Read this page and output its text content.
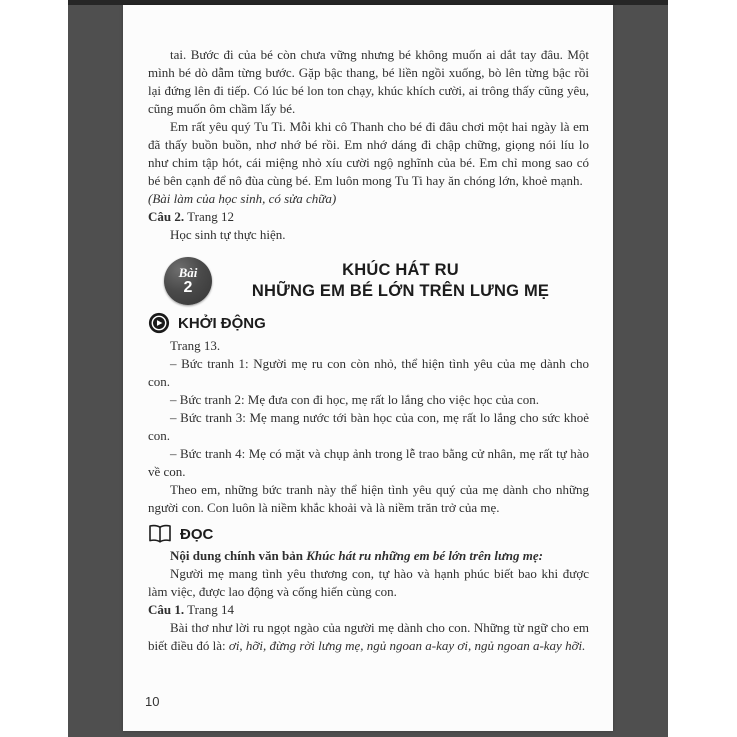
tai. Bước đi của bé còn chưa vững nhưng bé không muốn ai dắt tay đâu. Một mình bé dò dẫm từng bước. Gặp bậc thang, bé liền ngồi xuống, bò lên từng bậc rồi lại đứng lên đi tiếp. Có lúc bé lon ton chạy, khúc khích cười, ai trông thấy cũng yêu, cũng muốn ôm chầm lấy bé.

Em rất yêu quý Tu Ti. Mỗi khi cô Thanh cho bé đi đâu chơi một hai ngày là em đã thấy buồn buồn, nhơ nhớ bé rồi. Em nhớ dáng đi chập chững, giọng nói líu lo như chim tập hót, cái miệng nhỏ xíu cười ngộ nghĩnh của bé. Em chỉ mong sao có bé bên cạnh để nô đùa cùng bé. Em luôn mong Tu Ti hay ăn chóng lớn, khoẻ mạnh.

(Bài làm của học sinh, có sửa chữa)

Câu 2. Trang 12

Học sinh tự thực hiện.

Bài
2
KHÚC HÁT RU
NHỮNG EM BÉ LỚN TRÊN LƯNG MẸ
KHỞI ĐỘNG

Trang 13.

– Bức tranh 1: Người mẹ ru con còn nhỏ, thể hiện tình yêu của mẹ dành cho con.

– Bức tranh 2: Mẹ đưa con đi học, mẹ rất lo lắng cho việc học của con.

– Bức tranh 3: Mẹ mang nước tới bàn học của con, mẹ rất lo lắng cho sức khoẻ con.

– Bức tranh 4: Mẹ có mặt và chụp ảnh trong lễ trao bằng cử nhân, mẹ rất tự hào về con.

Theo em, những bức tranh này thể hiện tình yêu quý của mẹ dành cho những người con. Con luôn là niềm khắc khoải và là niềm trăn trở của mẹ.

ĐỌC

Nội dung chính văn bản Khúc hát ru những em bé lớn trên lưng mẹ:

Người mẹ mang tình yêu thương con, tự hào và hạnh phúc biết bao khi được làm việc, được lao động và cống hiến cùng con.

Câu 1. Trang 14

Bài thơ như lời ru ngọt ngào của người mẹ dành cho con. Những từ ngữ cho em biết điều đó là: ơi, hỡi, đừng rời lưng mẹ, ngủ ngoan a-kay ơi, ngủ ngoan a-kay hỡi.

10
